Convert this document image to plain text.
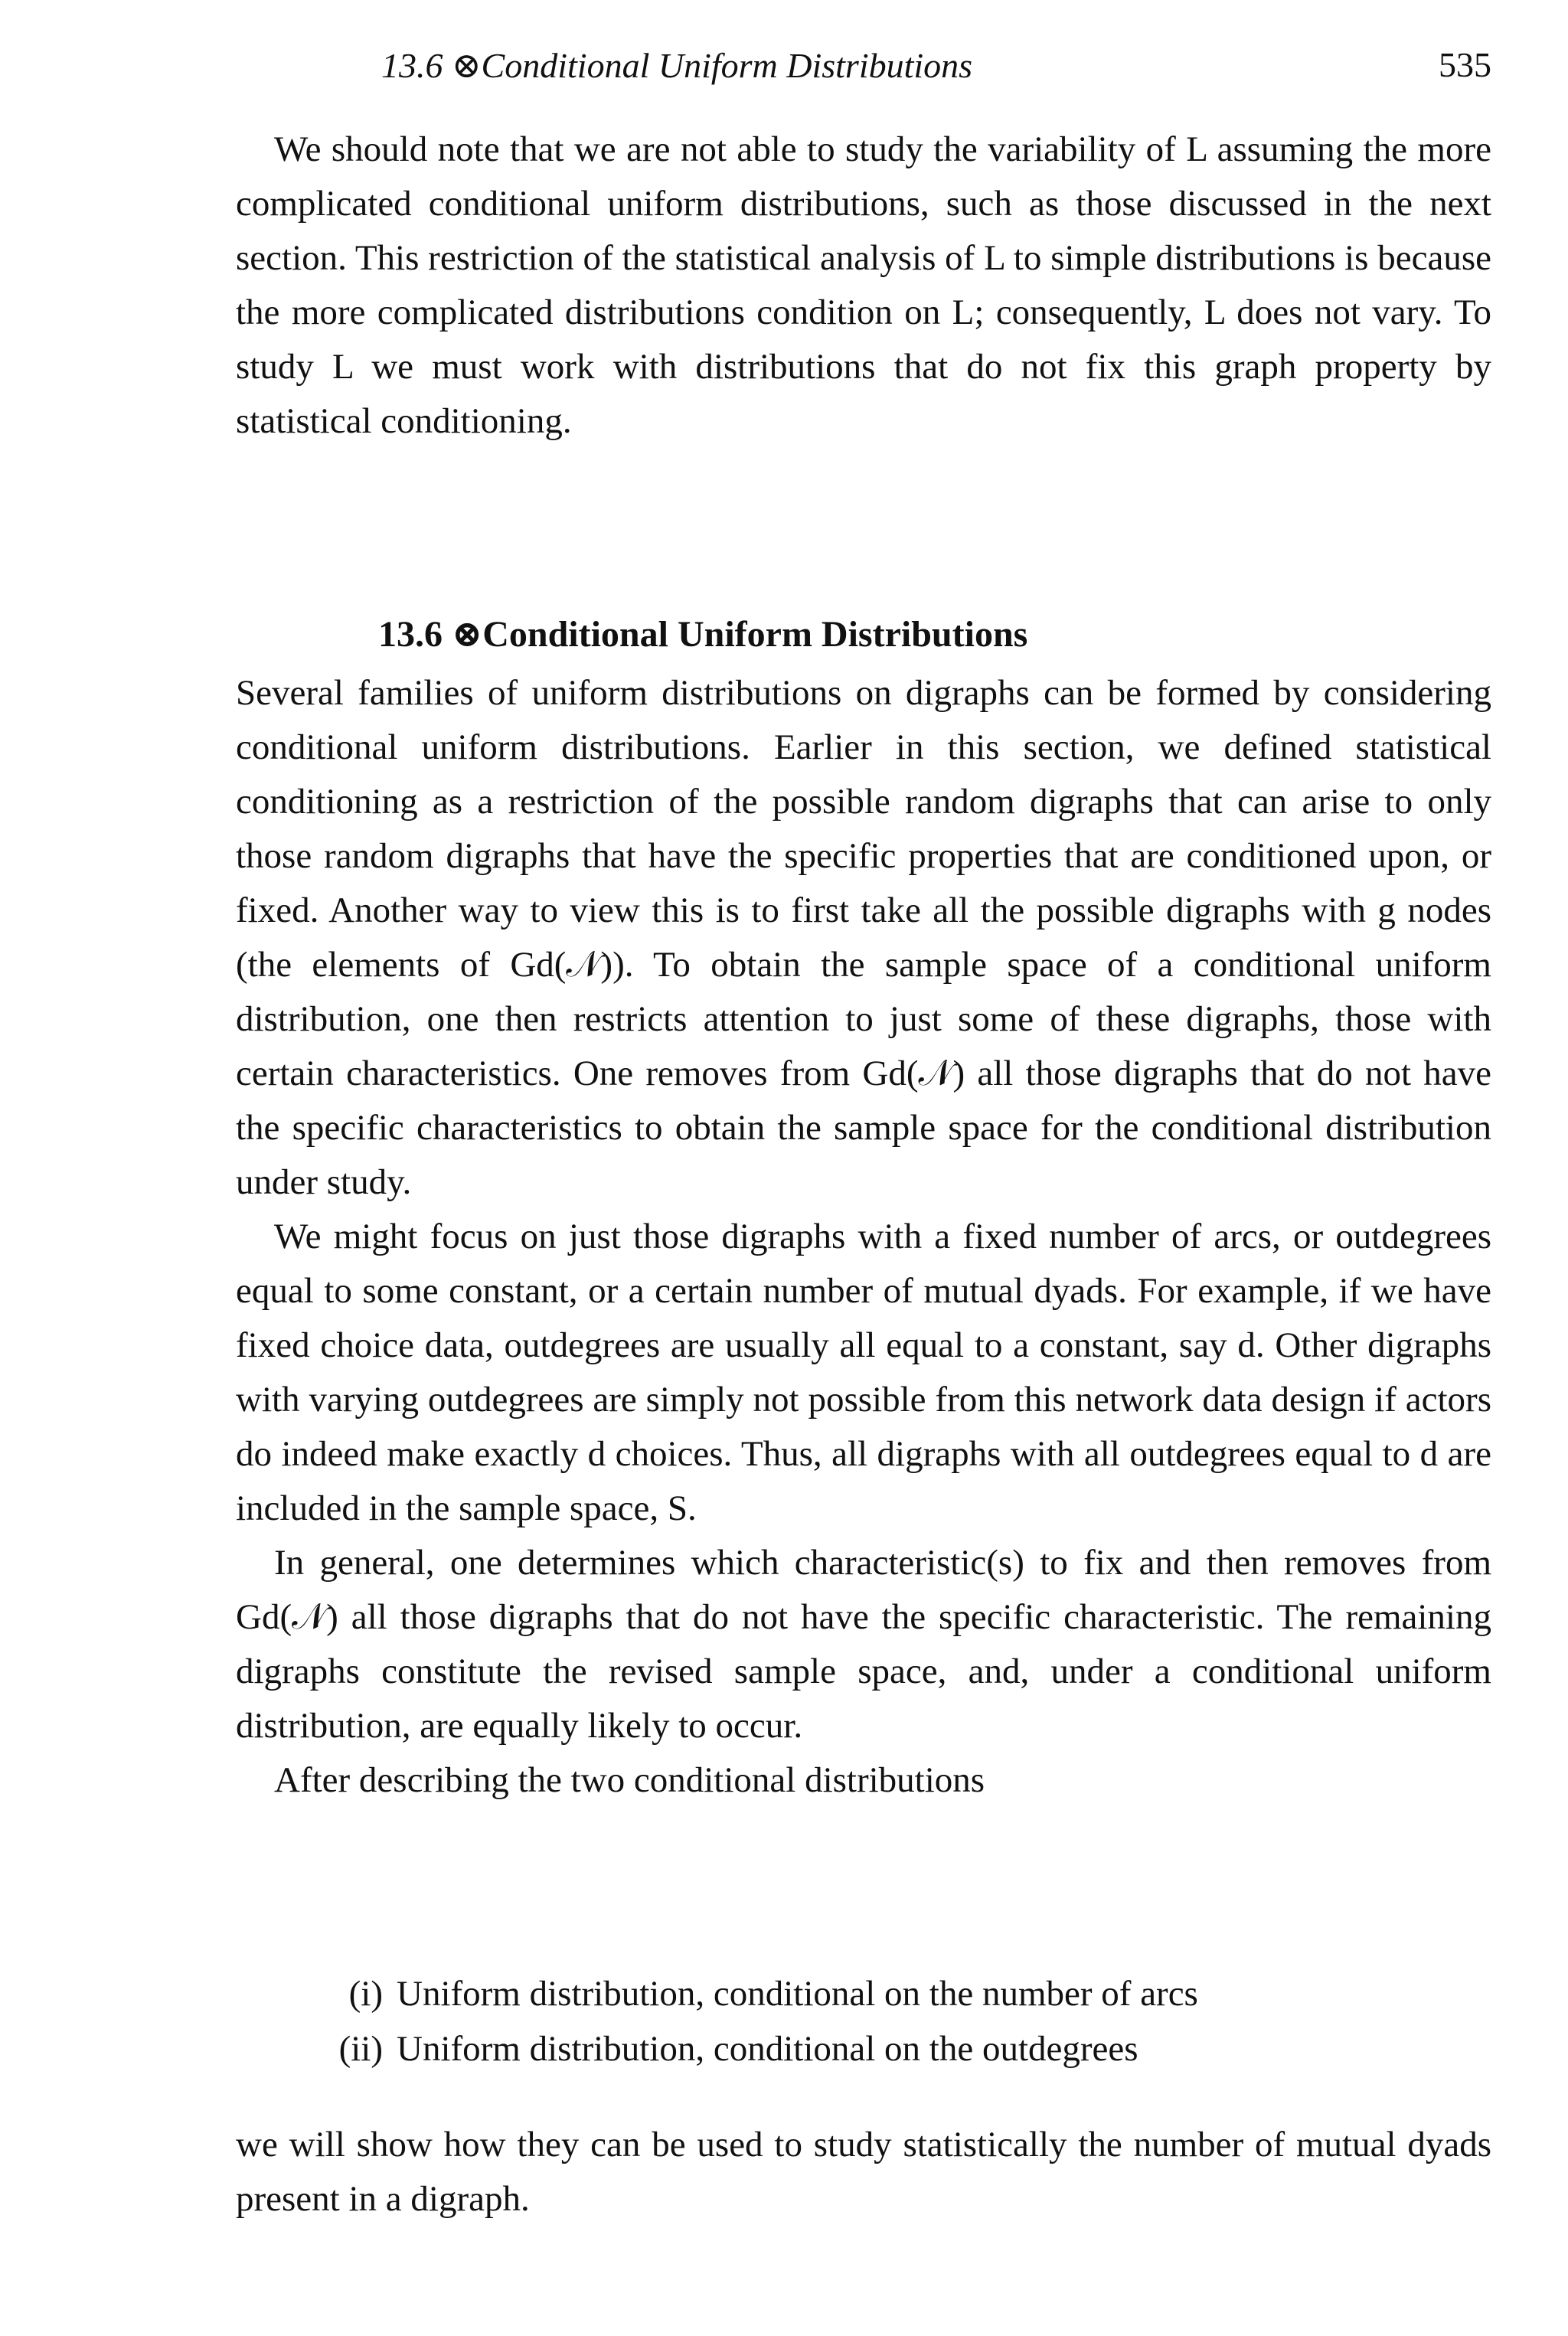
13.6 ⊗Conditional Uniform Distributions	535

We should note that we are not able to study the variability of L assuming the more complicated conditional uniform distributions, such as those discussed in the next section. This restriction of the statistical analysis of L to simple distributions is because the more complicated distributions condition on L; consequently, L does not vary. To study L we must work with distributions that do not fix this graph property by statistical conditioning.

13.6 ⊗Conditional Uniform Distributions

Several families of uniform distributions on digraphs can be formed by considering conditional uniform distributions. Earlier in this section, we defined statistical conditioning as a restriction of the possible random digraphs that can arise to only those random digraphs that have the specific properties that are conditioned upon, or fixed. Another way to view this is to first take all the possible digraphs with g nodes (the elements of Gd(𝒩)). To obtain the sample space of a conditional uniform distribution, one then restricts attention to just some of these digraphs, those with certain characteristics. One removes from Gd(𝒩) all those digraphs that do not have the specific characteristics to obtain the sample space for the conditional distribution under study.

We might focus on just those digraphs with a fixed number of arcs, or outdegrees equal to some constant, or a certain number of mutual dyads. For example, if we have fixed choice data, outdegrees are usually all equal to a constant, say d. Other digraphs with varying outdegrees are simply not possible from this network data design if actors do indeed make exactly d choices. Thus, all digraphs with all outdegrees equal to d are included in the sample space, S.

In general, one determines which characteristic(s) to fix and then removes from Gd(𝒩) all those digraphs that do not have the specific characteristic. The remaining digraphs constitute the revised sample space, and, under a conditional uniform distribution, are equally likely to occur.

After describing the two conditional distributions

(i) Uniform distribution, conditional on the number of arcs
(ii) Uniform distribution, conditional on the outdegrees

we will show how they can be used to study statistically the number of mutual dyads present in a digraph.
